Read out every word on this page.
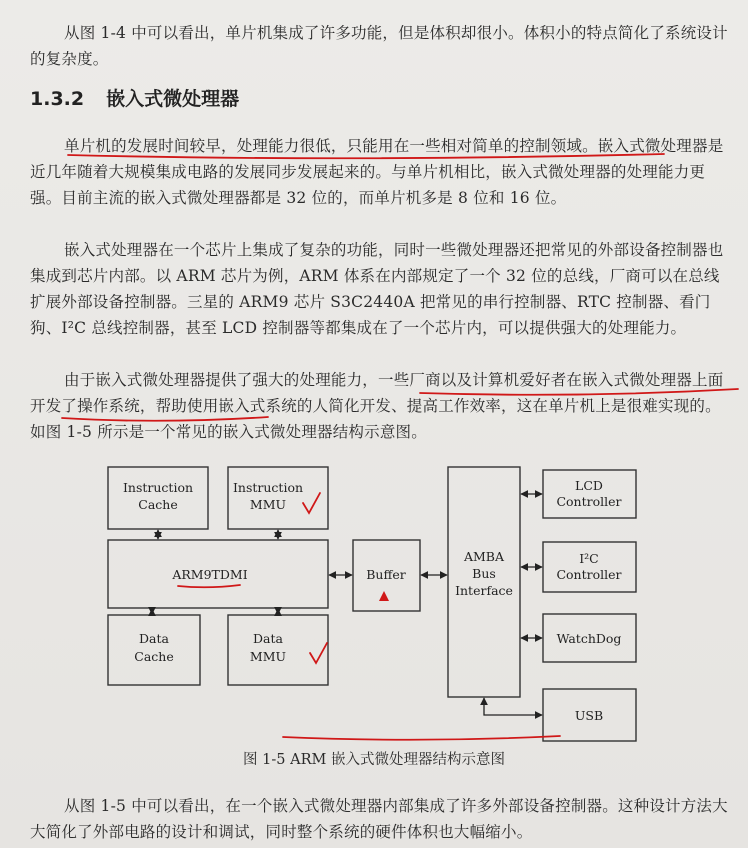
从图 1-4 中可以看出，单片机集成了许多功能，但是体积却很小。体积小的特点简化了系统设计的复杂度。
1.3.2 嵌入式微处理器
单片机的发展时间较早，处理能力很低，只能用在一些相对简单的控制领域。嵌入式微处理器是近几年随着大规模集成电路的发展同步发展起来的。与单片机相比，嵌入式微处理器的处理能力更强。目前主流的嵌入式微处理器都是 32 位的，而单片机多是 8 位和 16 位。
嵌入式处理器在一个芯片上集成了复杂的功能，同时一些微处理器还把常见的外部设备控制器也集成到芯片内部。以 ARM 芯片为例，ARM 体系在内部规定了一个 32 位的总线，厂商可以在总线扩展外部设备控制器。三星的 ARM9 芯片 S3C2440A 把常见的串行控制器、RTC 控制器、看门狗、I²C 总线控制器，甚至 LCD 控制器等都集成在了一个芯片内，可以提供强大的处理能力。
由于嵌入式微处理器提供了强大的处理能力，一些厂商以及计算机爱好者在嵌入式微处理器上面开发了操作系统，帮助使用嵌入式系统的人简化开发、提高工作效率，这在单片机上是很难实现的。如图 1-5 所示是一个常见的嵌入式微处理器结构示意图。
Instruction
Cache
Instruction
MMU
ARM9TDMI	Buffer
AMBA
Bus
Interface
Data
Cache
Data
MMU
LCD
Controller
I²C
Controller
WatchDog
USB
图 1-5 ARM 嵌入式微处理器结构示意图
从图 1-5 中可以看出，在一个嵌入式微处理器内部集成了许多外部设备控制器。这种设计方法大大简化了外部电路的设计和调试，同时整个系统的硬件体积也大幅缩小。
